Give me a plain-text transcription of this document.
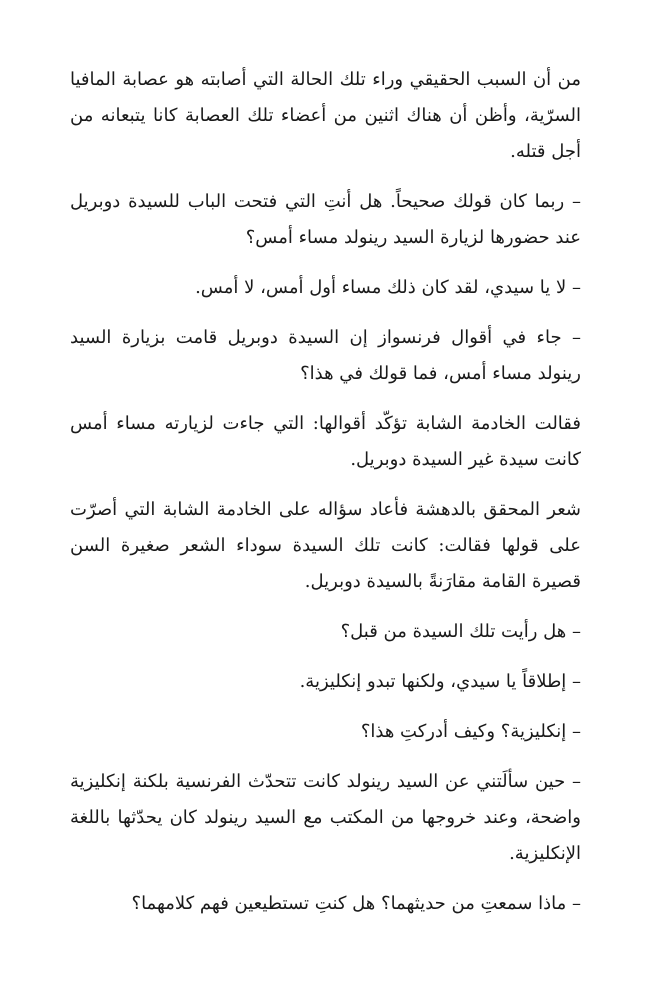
من أن السبب الحقيقي وراء تلك الحالة التي أصابته هو عصابة المافيا السرّية، وأظن أن هناك اثنين من أعضاء تلك العصابة كانا يتبعانه من أجل قتله.

– ربما كان قولك صحيحاً. هل أنتِ التي فتحت الباب للسيدة دوبريل عند حضورها لزيارة السيد رينولد مساء أمس؟

– لا يا سيدي، لقد كان ذلك مساء أول أمس، لا أمس.

– جاء في أقوال فرنسواز إن السيدة دوبريل قامت بزيارة السيد رينولد مساء أمس، فما قولك في هذا؟

فقالت الخادمة الشابة تؤكّد أقوالها: التي جاءت لزيارته مساء أمس كانت سيدة غير السيدة دوبريل.

شعر المحقق بالدهشة فأعاد سؤاله على الخادمة الشابة التي أصرّت على قولها فقالت: كانت تلك السيدة سوداء الشعر صغيرة السن قصيرة القامة مقارَنةً بالسيدة دوبريل.

– هل رأيت تلك السيدة من قبل؟

– إطلاقاً يا سيدي، ولكنها تبدو إنكليزية.

– إنكليزية؟ وكيف أدركتِ هذا؟

– حين سألَتني عن السيد رينولد كانت تتحدّث الفرنسية بلكنة إنكليزية واضحة، وعند خروجها من المكتب مع السيد رينولد كان يحدّثها باللغة الإنكليزية.

– ماذا سمعتِ من حديثهما؟ هل كنتِ تستطيعين فهم كلامهما؟
